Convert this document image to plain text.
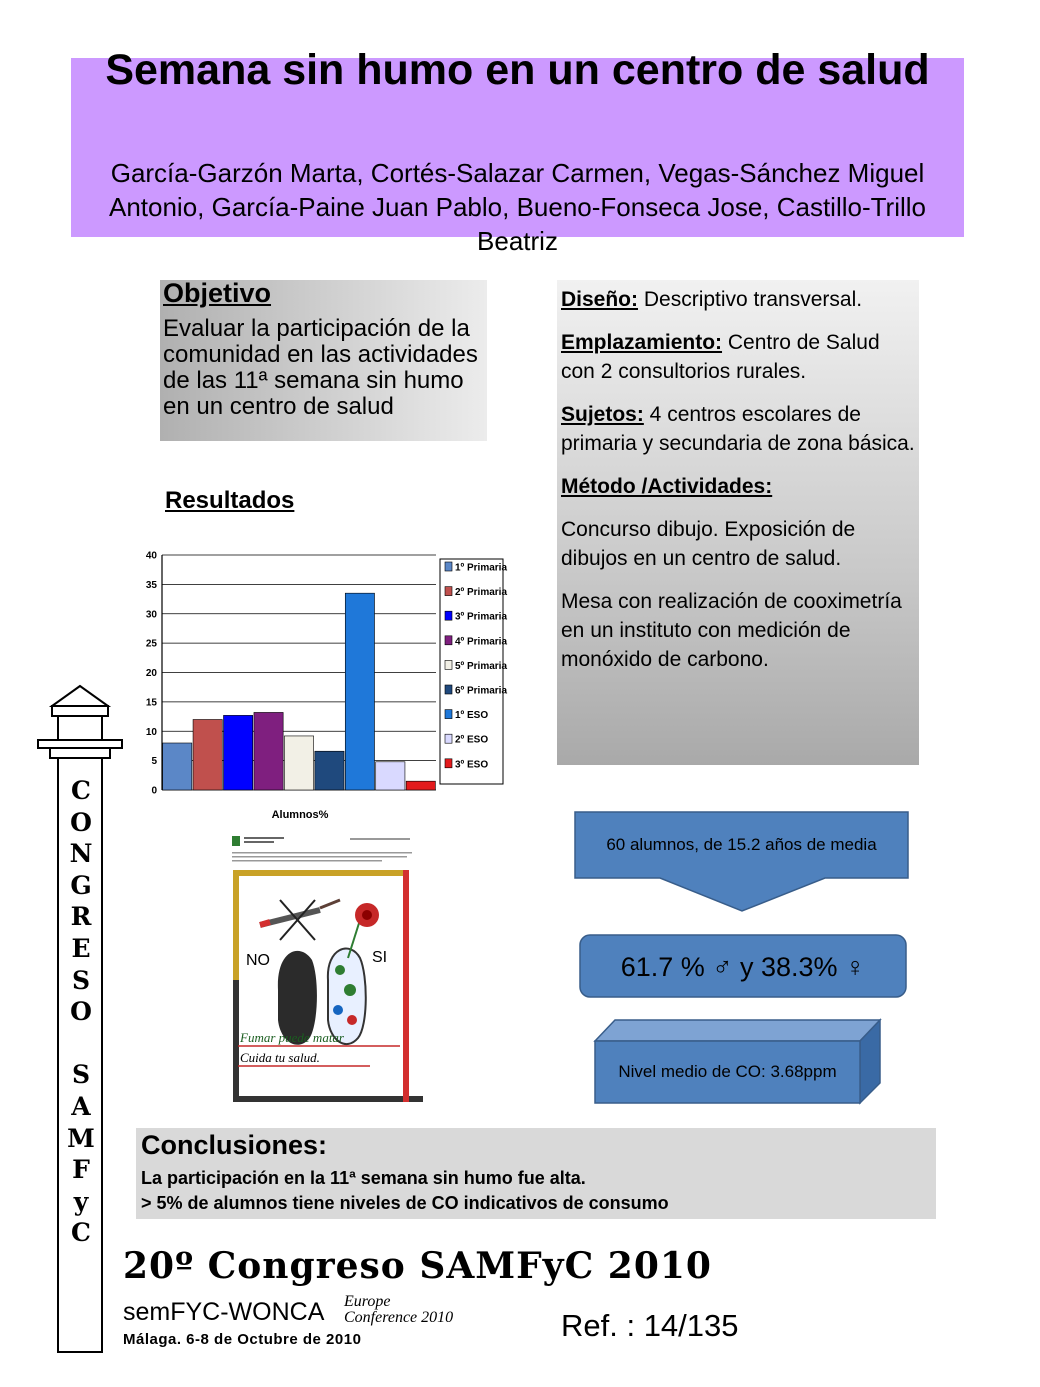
Semana sin humo en un centro de salud
García-Garzón Marta, Cortés-Salazar Carmen, Vegas-Sánchez Miguel Antonio, García-Paine Juan Pablo, Bueno-Fonseca Jose, Castillo-Trillo Beatriz
Objetivo
Evaluar la participación de la comunidad en las actividades de las 11ª semana sin humo en un centro de salud

Diseño: Descriptivo transversal.

Emplazamiento: Centro de Salud con 2 consultorios rurales.

Sujetos: 4 centros escolares de primaria y secundaria de zona básica.

Método /Actividades:

Concurso dibujo. Exposición de dibujos en un centro de salud.

Mesa con realización de cooximetría en un instituto con medición de monóxido de carbono.

Resultados
0
5
10
15
20
25
30
35
40
1º Primaria
2º Primaria
3º Primaria
4º Primaria
5º Primaria
6º Primaria
1º ESO
2º ESO
3º ESO
Alumnos%
NO	SI
Fumar puede matar
Cuida tu salud.
60 alumnos, de 15.2 años de media
61.7 % ♂ y 38.3% ♀
Nivel medio de CO: 3.68ppm
Conclusiones:
La participación en la 11ª semana sin humo fue alta.
> 5% de alumnos tiene niveles de CO indicativos de consumo
C
O
N
G
R
E
S
O

S
A
M
F
y
C
20º Congreso SAMFyC 2010
semFYC-WONCA Europe
Conference 2010
Málaga. 6-8 de Octubre de 2010	Ref. : 14/135
